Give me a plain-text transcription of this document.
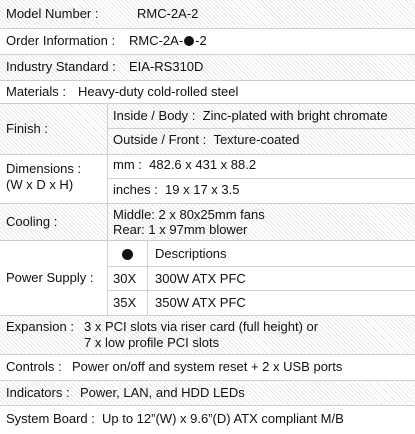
Model Number :	RMC-2A-2
Order Information : RMC-2A- -2
Industry Standard : EIA-RS310D
Materials : Heavy-duty cold-rolled steel
Finish :
Inside / Body : Zinc-plated with bright chromate
Outside / Front : Texture-coated
Dimensions :
(W x D x H)
mm : 482.6 x 431 x 88.2
inches : 19 x 17 x 3.5
Cooling :	Middle: 2 x 80x25mm fans
Rear: 1 x 97mm blower
Power Supply :
Descriptions
30X 300W ATX PFC
35X 350W ATX PFC
Expansion : 3 x PCI slots via riser card (full height) or
7 x low profile PCI slots
Controls : Power on/off and system reset + 2 x USB ports
Indicators : Power, LAN, and HDD LEDs
System Board : Up to 12”(W) x 9.6”(D) ATX compliant M/B
